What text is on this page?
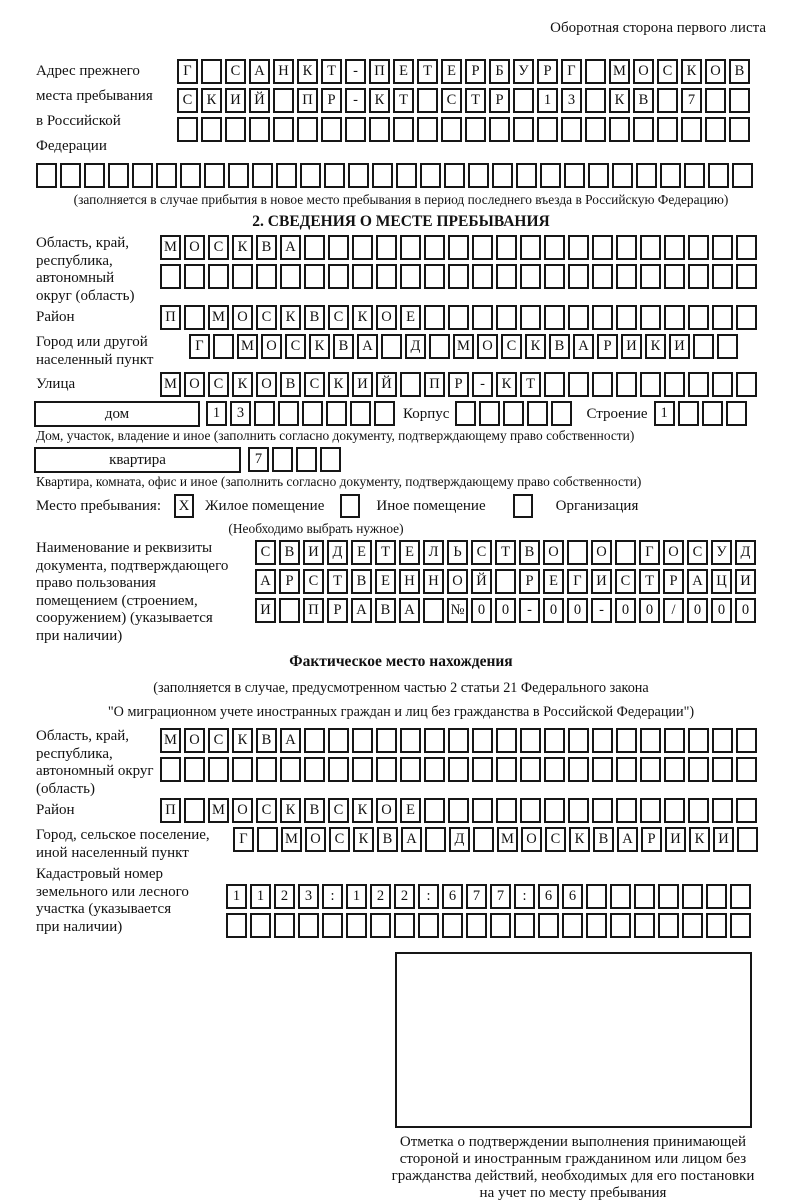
Оборотная сторона первого листа
Адрес прежнего
места пребывания
в Российской
Федерации
Г	С А Н К	Т	-	П Е	Т	Е	Р	Б	У	Р	Г	М О С К О В
С К И Й	П	Р	-	К	Т	С	Т	Р	1	3	К В	7
(заполняется в случае прибытия в новое место пребывания в период последнего въезда в Российскую Федерацию)
2. СВЕДЕНИЯ О МЕСТЕ ПРЕБЫВАНИЯ
Область, край,
республика,
автономный
округ (область)
М О С К В А
Район	П	М О С К В С К О Е
Город или другой
населенный пункт
Г	М О С К В А	Д	М О С К В А	Р	И К И
Улица	М О С К О В С К И Й	П	Р	-	К	Т
дом	1	3	Корпус	Строение 1
Дом, участок, владение и иное (заполнить согласно документу, подтверждающему право собственности)
квартира	7
Квартира, комната, офис и иное (заполнить согласно документу, подтверждающему право собственности)
Место пребывания:	X	Жилое помещение	Иное помещение	Организация
(Необходимо выбрать нужное)
Наименование и реквизиты
документа, подтверждающего
право пользования
помещением (строением,
сооружением) (указывается
при наличии)
С В И Д	Е	Т	Е	Л	Ь	С	Т	В О	О	Г	О С У Д
А	Р	С	Т	В	Е Н Н О Й	Р	Е	Г	И С	Т	Р	А Ц И
И	П	Р	А В А	№ 0	0	-	0	0	-	0	0	/	0	0	0
Фактическое место нахождения
(заполняется в случае, предусмотренном частью 2 статьи 21 Федерального закона
"О миграционном учете иностранных граждан и лиц без гражданства в Российской Федерации")
Область, край,
республика,
автономный округ
(область)
М О С К В А
Район	П	М О С К В С К О Е
Город, сельское поселение,
иной населенный пункт
Г	М О С К В А	Д	М О С К В А	Р	И К И
Кадастровый номер
земельного или лесного
участка (указывается
при наличии)
1	1	2	3	:	1	2	2	:	6	7	7	:	6	6
Отметка о подтверждении выполнения принимающей
стороной и иностранным гражданином или лицом без
гражданства действий, необходимых для его постановки
на учет по месту пребывания
